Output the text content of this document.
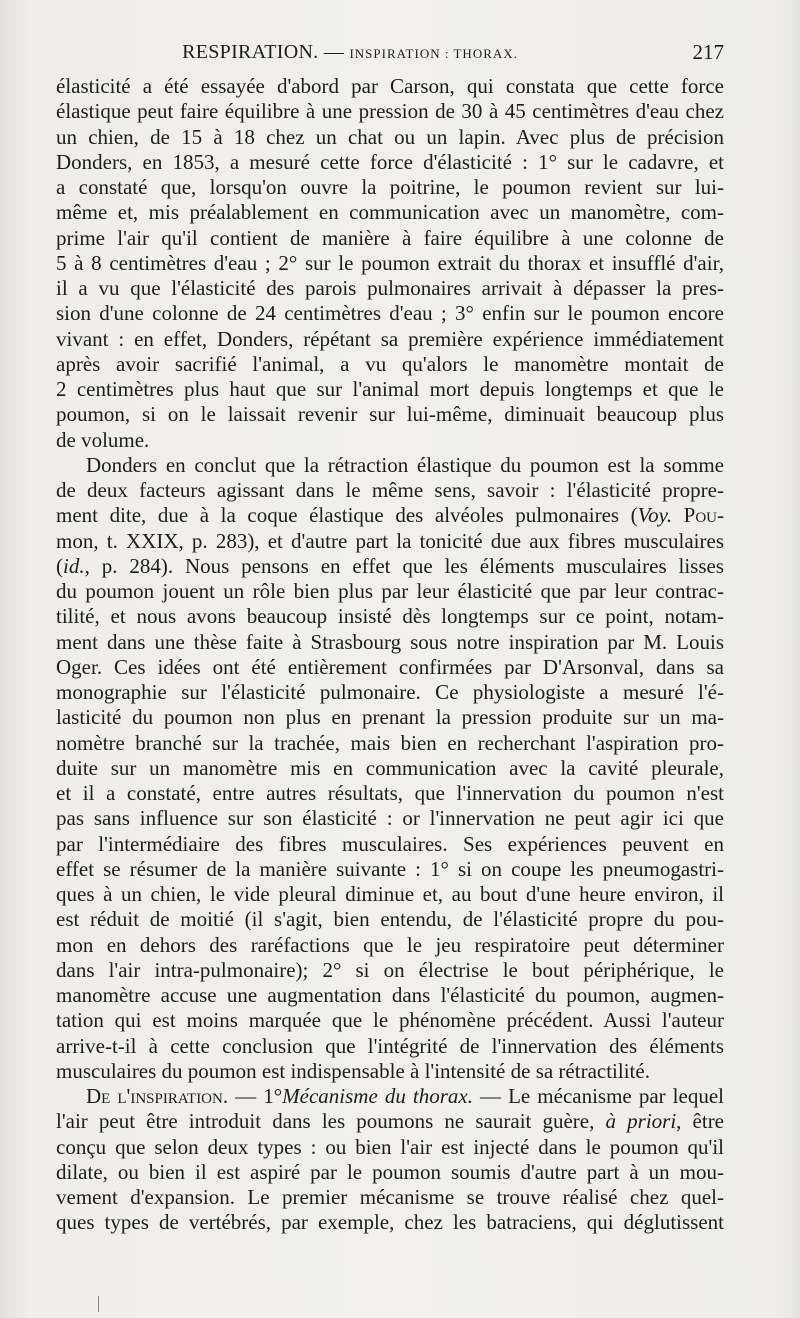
RESPIRATION. — INSPIRATION : THORAX.	217
élasticité a été essayée d'abord par Carson, qui constata que cette force
élastique peut faire équilibre à une pression de 30 à 45 centimètres d'eau chez
un chien, de 15 à 18 chez un chat ou un lapin. Avec plus de précision
Donders, en 1853, a mesuré cette force d'élasticité : 1° sur le cadavre, et
a constaté que, lorsqu'on ouvre la poitrine, le poumon revient sur lui-
même et, mis préalablement en communication avec un manomètre, com-
prime l'air qu'il contient de manière à faire équilibre à une colonne de
5 à 8 centimètres d'eau ; 2° sur le poumon extrait du thorax et insufflé d'air,
il a vu que l'élasticité des parois pulmonaires arrivait à dépasser la pres-
sion d'une colonne de 24 centimètres d'eau ; 3° enfin sur le poumon encore
vivant : en effet, Donders, répétant sa première expérience immédiatement
après avoir sacrifié l'animal, a vu qu'alors le manomètre montait de
2 centimètres plus haut que sur l'animal mort depuis longtemps et que le
poumon, si on le laissait revenir sur lui-même, diminuait beaucoup plus
de volume.
Donders en conclut que la rétraction élastique du poumon est la somme
de deux facteurs agissant dans le même sens, savoir : l'élasticité propre-
ment dite, due à la coque élastique des alvéoles pulmonaires (Voy. Pou-
mon, t. XXIX, p. 283), et d'autre part la tonicité due aux fibres musculaires
(id., p. 284). Nous pensons en effet que les éléments musculaires lisses
du poumon jouent un rôle bien plus par leur élasticité que par leur contrac-
tilité, et nous avons beaucoup insisté dès longtemps sur ce point, notam-
ment dans une thèse faite à Strasbourg sous notre inspiration par M. Louis
Oger. Ces idées ont été entièrement confirmées par D'Arsonval, dans sa
monographie sur l'élasticité pulmonaire. Ce physiologiste a mesuré l'é-
lasticité du poumon non plus en prenant la pression produite sur un ma-
nomètre branché sur la trachée, mais bien en recherchant l'aspiration pro-
duite sur un manomètre mis en communication avec la cavité pleurale,
et il a constaté, entre autres résultats, que l'innervation du poumon n'est
pas sans influence sur son élasticité : or l'innervation ne peut agir ici que
par l'intermédiaire des fibres musculaires. Ses expériences peuvent en
effet se résumer de la manière suivante : 1° si on coupe les pneumogastri-
ques à un chien, le vide pleural diminue et, au bout d'une heure environ, il
est réduit de moitié (il s'agit, bien entendu, de l'élasticité propre du pou-
mon en dehors des raréfactions que le jeu respiratoire peut déterminer
dans l'air intra-pulmonaire); 2° si on électrise le bout périphérique, le
manomètre accuse une augmentation dans l'élasticité du poumon, augmen-
tation qui est moins marquée que le phénomène précédent. Aussi l'auteur
arrive-t-il à cette conclusion que l'intégrité de l'innervation des éléments
musculaires du poumon est indispensable à l'intensité de sa rétractilité.
De l'inspiration. — 1°Mécanisme du thorax. — Le mécanisme par lequel
l'air peut être introduit dans les poumons ne saurait guère, à priori, être
conçu que selon deux types : ou bien l'air est injecté dans le poumon qu'il
dilate, ou bien il est aspiré par le poumon soumis d'autre part à un mou-
vement d'expansion. Le premier mécanisme se trouve réalisé chez quel-
ques types de vertébrés, par exemple, chez les batraciens, qui déglutissent
